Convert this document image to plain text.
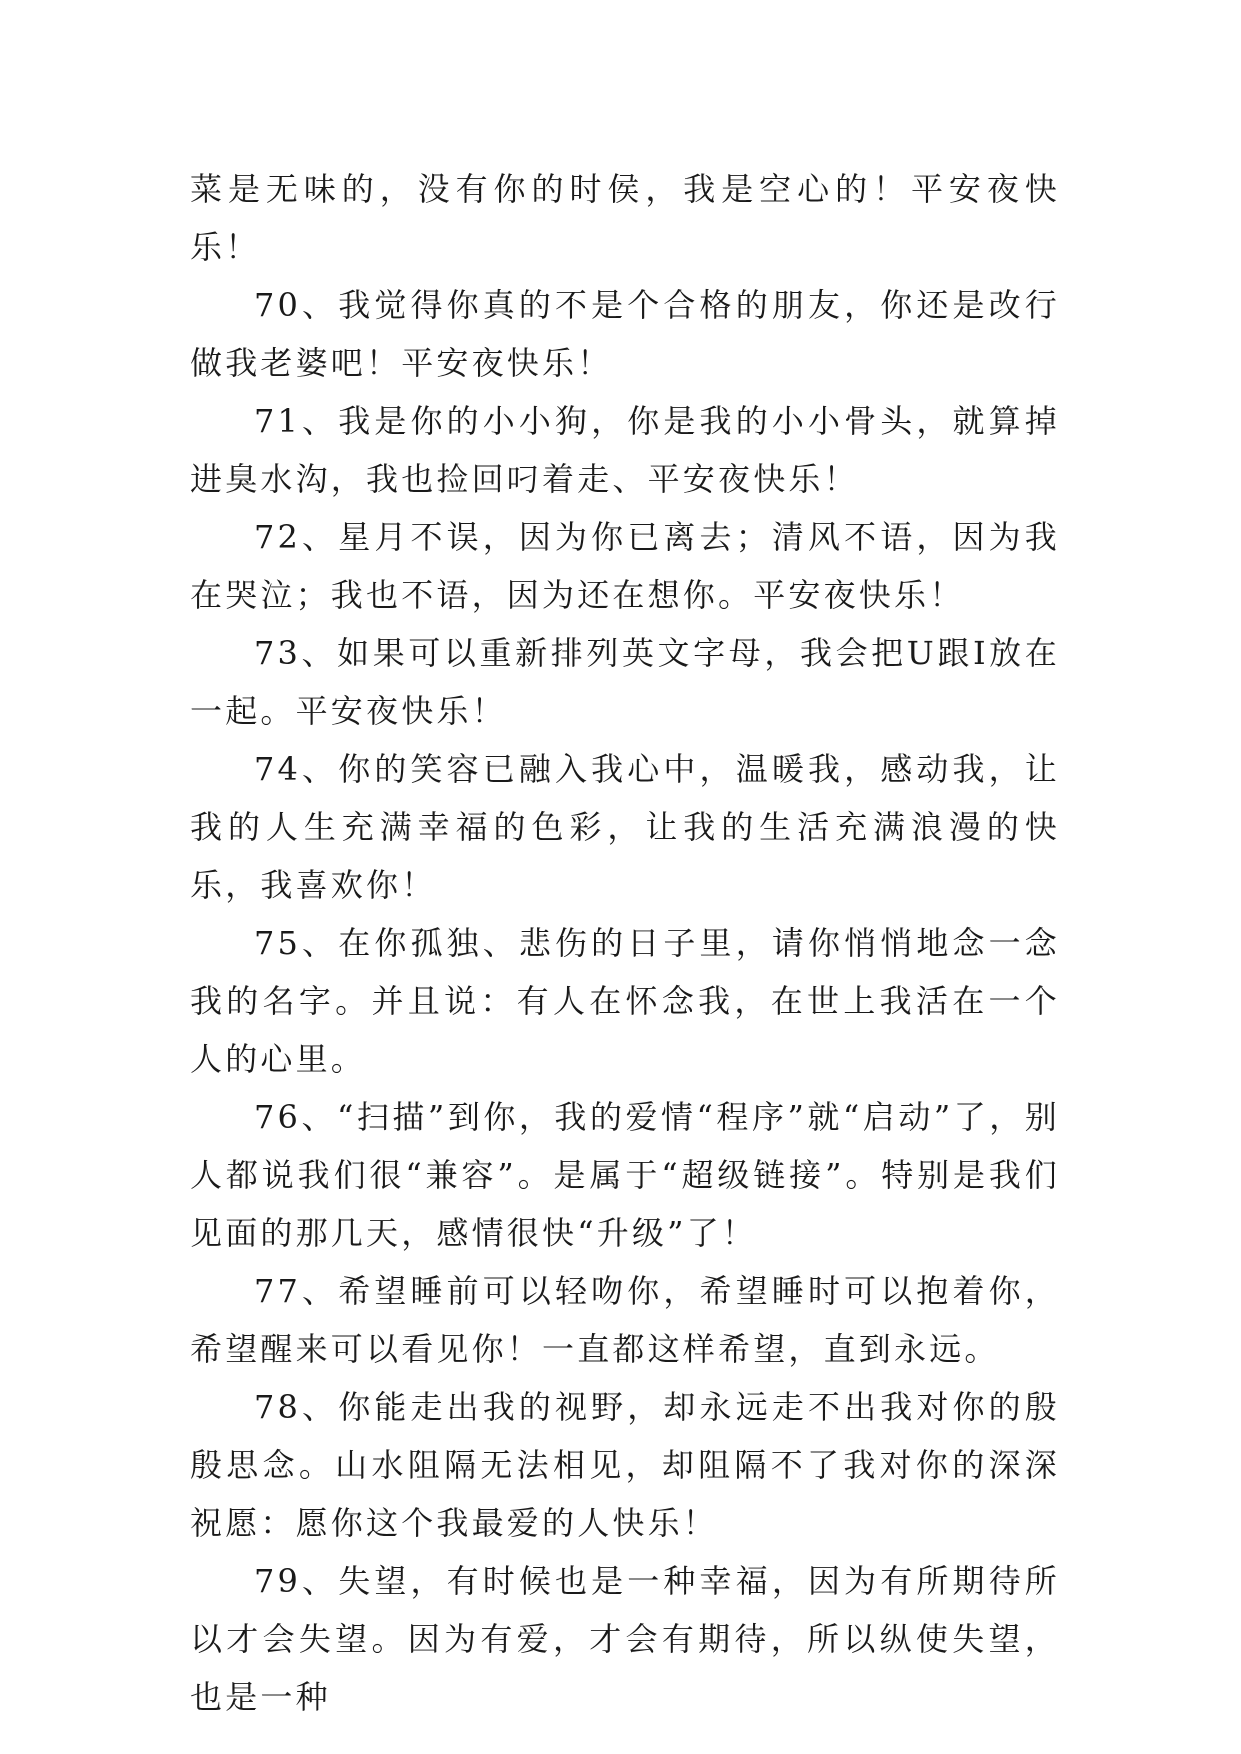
菜是无味的，没有你的时侯，我是空心的！平安夜快乐！

70、我觉得你真的不是个合格的朋友，你还是改行做我老婆吧！平安夜快乐！

71、我是你的小小狗，你是我的小小骨头，就算掉进臭水沟，我也捡回叼着走、平安夜快乐！

72、星月不误，因为你已离去；清风不语，因为我在哭泣；我也不语，因为还在想你。平安夜快乐！

73、如果可以重新排列英文字母，我会把U跟I放在一起。平安夜快乐！

74、你的笑容已融入我心中，温暖我，感动我，让我的人生充满幸福的色彩，让我的生活充满浪漫的快乐，我喜欢你！

75、在你孤独、悲伤的日子里，请你悄悄地念一念我的名字。并且说：有人在怀念我，在世上我活在一个人的心里。

76、“扫描”到你，我的爱情“程序”就“启动”了，别人都说我们很“兼容”。是属于“超级链接”。特别是我们见面的那几天，感情很快“升级”了！

77、希望睡前可以轻吻你，希望睡时可以抱着你，希望醒来可以看见你！一直都这样希望，直到永远。

78、你能走出我的视野，却永远走不出我对你的殷殷思念。山水阻隔无法相见，却阻隔不了我对你的深深祝愿：愿你这个我最爱的人快乐！

79、失望，有时候也是一种幸福，因为有所期待所以才会失望。因为有爱，才会有期待，所以纵使失望，也是一种
